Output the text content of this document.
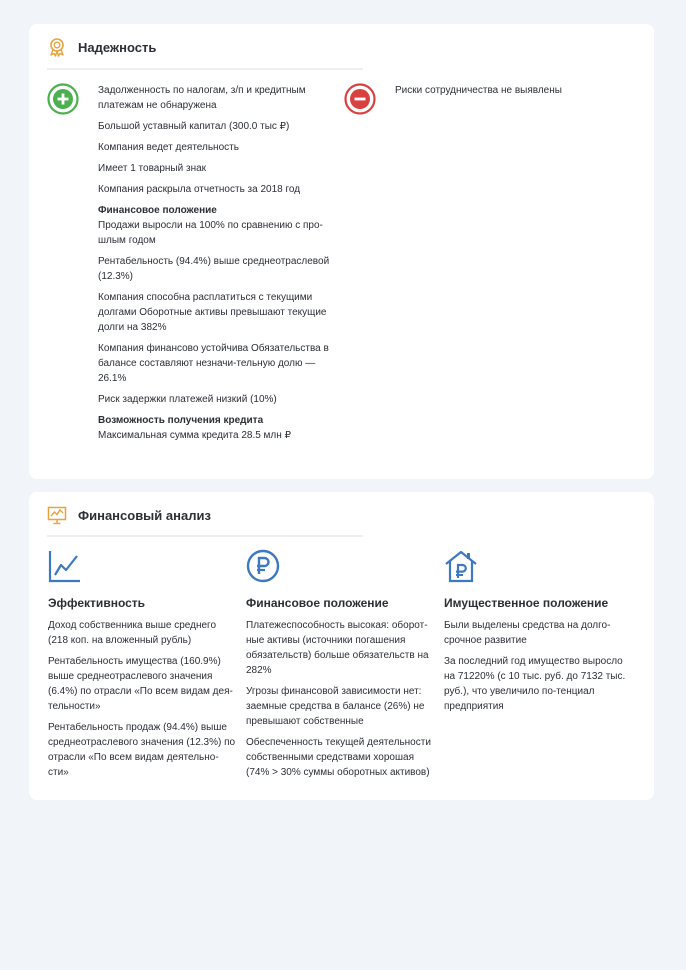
Надежность
Задолженность по налогам, з/п и кредитным платежам не обнаружена
Большой уставный капитал (300.0 тыс ₽)
Компания ведет деятельность
Имеет 1 товарный знак
Компания раскрыла отчетность за 2018 год
Финансовое положение
Продажи выросли на 100% по сравнению с про-шлым годом
Рентабельность (94.4%) выше среднеотраслевой (12.3%)
Компания способна расплатиться с текущими долгами Оборотные активы превышают текущие долги на 382%
Компания финансово устойчива Обязательства в балансе составляют незначи-тельную долю — 26.1%
Риск задержки платежей низкий (10%)
Возможность получения кредита
Максимальная сумма кредита 28.5 млн ₽
Риски сотрудничества не выявлены
Финансовый анализ
Эффективность
Доход собственника выше среднего (218 коп. на вложенный рубль)
Рентабельность имущества (160.9%) выше среднеотраслевого значения (6.4%) по отрасли «По всем видам дея-тельности»
Рентабельность продаж (94.4%) выше среднеотраслевого значения (12.3%) по отрасли «По всем видам деятельно-сти»
Финансовое положение
Платежеспособность высокая: оборот-ные активы (источники погашения обязательств) больше обязательств на 282%
Угрозы финансовой зависимости нет: заемные средства в балансе (26%) не превышают собственные
Обеспеченность текущей деятельности собственными средствами хорошая (74% > 30% суммы оборотных активов)
Имущественное положение
Были выделены средства на долго-срочное развитие
За последний год имущество выросло на 71220% (с 10 тыс. руб. до 7132 тыс. руб.), что увеличило по-тенциал предприятия
